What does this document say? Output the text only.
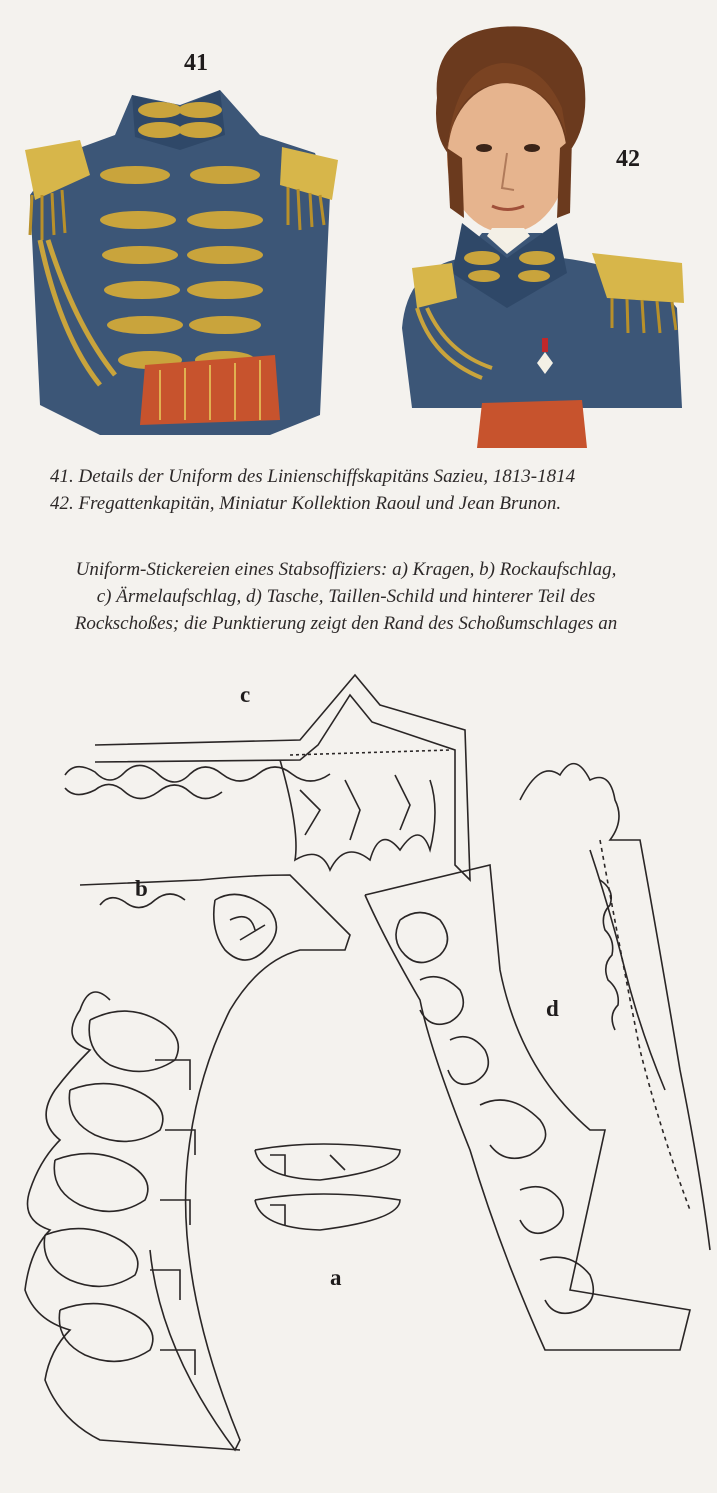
41
42
41. Details der Uniform des Linienschiffskapitäns Sazieu, 1813-1814
42. Fregattenkapitän, Miniatur Kollektion Raoul und Jean Brunon.
Uniform-Stickereien eines Stabsoffiziers: a) Kragen, b) Rockaufschlag,
c) Ärmelaufschlag, d) Tasche, Taillen-Schild und hinterer Teil des
Rockschoßes; die Punktierung zeigt den Rand des Schoßumschlages an
c
b
d
a
